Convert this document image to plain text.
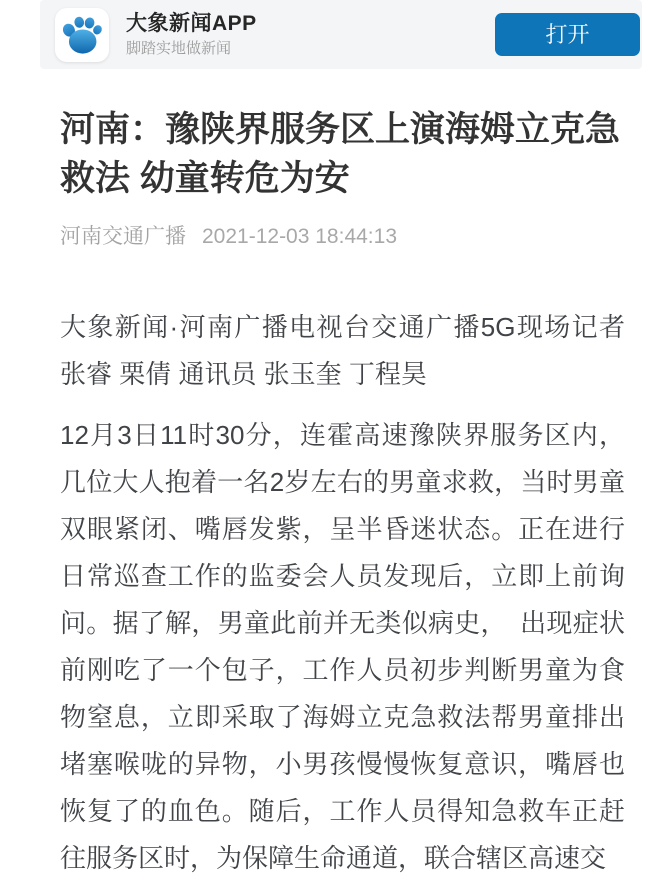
大象新闻APP
脚踏实地做新闻
打开
河南：豫陕界服务区上演海姆立克急救法 幼童转危为安
河南交通广播 2021-12-03 18:44:13

大象新闻·河南广播电视台交通广播5G现场记者 张睿 栗倩 通讯员 张玉奎 丁程昊

12月3日11时30分，连霍高速豫陕界服务区内，几位大人抱着一名2岁左右的男童求救，当时男童双眼紧闭、嘴唇发紫，呈半昏迷状态。正在进行日常巡查工作的监委会人员发现后，立即上前询问。据了解，男童此前并无类似病史，　出现症状前刚吃了一个包子，工作人员初步判断男童为食物窒息，立即采取了海姆立克急救法帮男童排出堵塞喉咙的异物，小男孩慢慢恢复意识，嘴唇也恢复了的血色。随后，工作人员得知急救车正赶往服务区时，为保障生命通道，联合辖区高速交
